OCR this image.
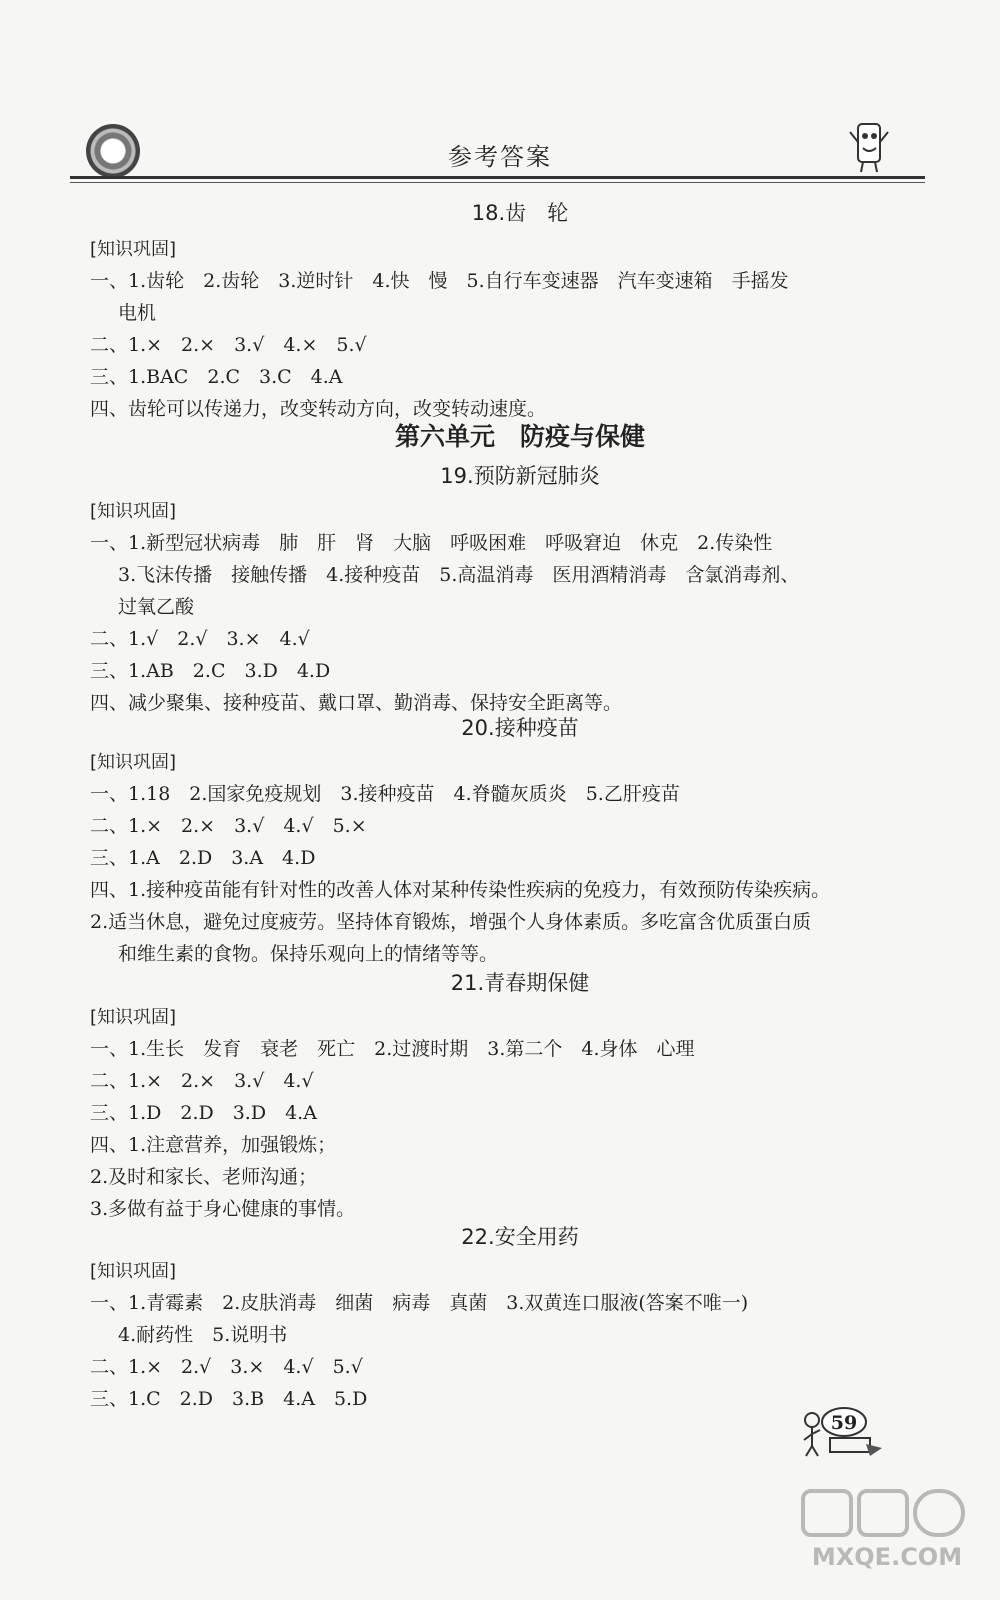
参考答案

18.齿　轮

[知识巩固]

一、1.齿轮　2.齿轮　3.逆时针　4.快　慢　5.自行车变速器　汽车变速箱　手摇发

电机

二、1.×　2.×　3.√　4.×　5.√

三、1.BAC　2.C　3.C　4.A

四、齿轮可以传递力，改变转动方向，改变转动速度。

第六单元　防疫与保健

19.预防新冠肺炎

[知识巩固]

一、1.新型冠状病毒　肺　肝　肾　大脑　呼吸困难　呼吸窘迫　休克　2.传染性

3.飞沫传播　接触传播　4.接种疫苗　5.高温消毒　医用酒精消毒　含氯消毒剂、

过氧乙酸

二、1.√　2.√　3.×　4.√

三、1.AB　2.C　3.D　4.D

四、减少聚集、接种疫苗、戴口罩、勤消毒、保持安全距离等。

20.接种疫苗

[知识巩固]

一、1.18　2.国家免疫规划　3.接种疫苗　4.脊髓灰质炎　5.乙肝疫苗

二、1.×　2.×　3.√　4.√　5.×

三、1.A　2.D　3.A　4.D

四、1.接种疫苗能有针对性的改善人体对某种传染性疾病的免疫力，有效预防传染疾病。

2.适当休息，避免过度疲劳。坚持体育锻炼，增强个人身体素质。多吃富含优质蛋白质

和维生素的食物。保持乐观向上的情绪等等。

21.青春期保健

[知识巩固]

一、1.生长　发育　衰老　死亡　2.过渡时期　3.第二个　4.身体　心理

二、1.×　2.×　3.√　4.√

三、1.D　2.D　3.D　4.A

四、1.注意营养，加强锻炼；

2.及时和家长、老师沟通；

3.多做有益于身心健康的事情。

22.安全用药

[知识巩固]

一、1.青霉素　2.皮肤消毒　细菌　病毒　真菌　3.双黄连口服液(答案不唯一)

4.耐药性　5.说明书

二、1.×　2.√　3.×　4.√　5.√

三、1.C　2.D　3.B　4.A　5.D

59
MXQE.COM
